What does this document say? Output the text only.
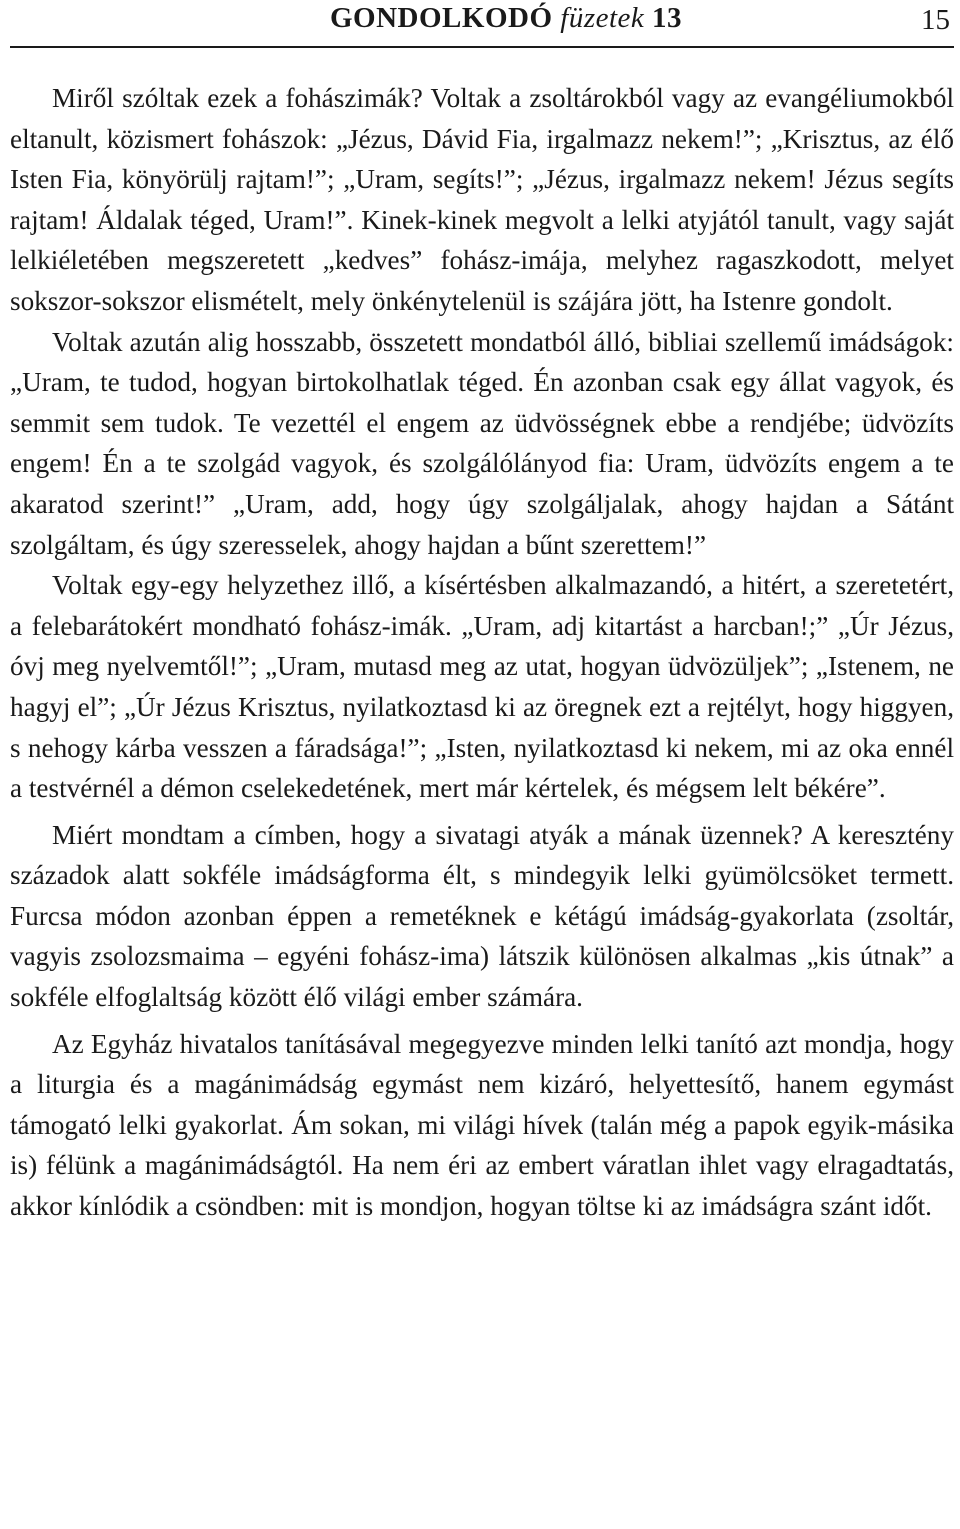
GONDOLKODÓ füzetek 13	15

Miről szóltak ezek a fohászimák? Voltak a zsoltárokból vagy az evangéliumokból eltanult, közismert fohászok: „Jézus, Dávid Fia, irgalmazz nekem!”; „Krisztus, az élő Isten Fia, könyörülj rajtam!”; „Uram, segíts!”; „Jézus, irgalmazz nekem! Jézus segíts rajtam! Áldalak téged, Uram!”. Kinek-kinek megvolt a lelki atyjától tanult, vagy saját lelkiéletében megszeretett „kedves” fohász-imája, melyhez ragaszkodott, melyet sokszor-sokszor elismételt, mely önkénytelenül is szájára jött, ha Istenre gondolt.

Voltak azután alig hosszabb, összetett mondatból álló, bibliai szellemű imádságok: „Uram, te tudod, hogyan birtokolhatlak téged. Én azonban csak egy állat vagyok, és semmit sem tudok. Te vezettél el engem az üdvösségnek ebbe a rendjébe; üdvözíts engem! Én a te szolgád vagyok, és szolgálólányod fia: Uram, üdvözíts engem a te akaratod szerint!” „Uram, add, hogy úgy szolgáljalak, ahogy hajdan a Sátánt szolgáltam, és úgy szeresselek, ahogy hajdan a bűnt szerettem!”

Voltak egy-egy helyzethez illő, a kísértésben alkalmazandó, a hitért, a szeretetért, a felebarátokért mondható fohász-imák. „Uram, adj kitartást a harcban!;” „Úr Jézus, óvj meg nyelvemtől!”; „Uram, mutasd meg az utat, hogyan üdvözüljek”; „Istenem, ne hagyj el”; „Úr Jézus Krisztus, nyilatkoztasd ki az öregnek ezt a rejtélyt, hogy higgyen, s nehogy kárba vesszen a fáradsága!”; „Isten, nyilatkoztasd ki nekem, mi az oka ennél a testvérnél a démon cselekedetének, mert már kértelek, és mégsem lelt békére”.

Miért mondtam a címben, hogy a sivatagi atyák a mának üzennek? A keresztény századok alatt sokféle imádságforma élt, s mindegyik lelki gyümölcsöket termett. Furcsa módon azonban éppen a remetéknek e kétágú imádság-gyakorlata (zsoltár, vagyis zsolozsmaima – egyéni fohász-ima) látszik különösen alkalmas „kis útnak” a sokféle elfoglaltság között élő világi ember számára.

Az Egyház hivatalos tanításával megegyezve minden lelki tanító azt mondja, hogy a liturgia és a magánimádság egymást nem kizáró, helyettesítő, hanem egymást támogató lelki gyakorlat. Ám sokan, mi világi hívek (talán még a papok egyik-másika is) félünk a magánimádságtól. Ha nem éri az embert váratlan ihlet vagy elragadtatás, akkor kínlódik a csöndben: mit is mondjon, hogyan töltse ki az imádságra szánt időt.
